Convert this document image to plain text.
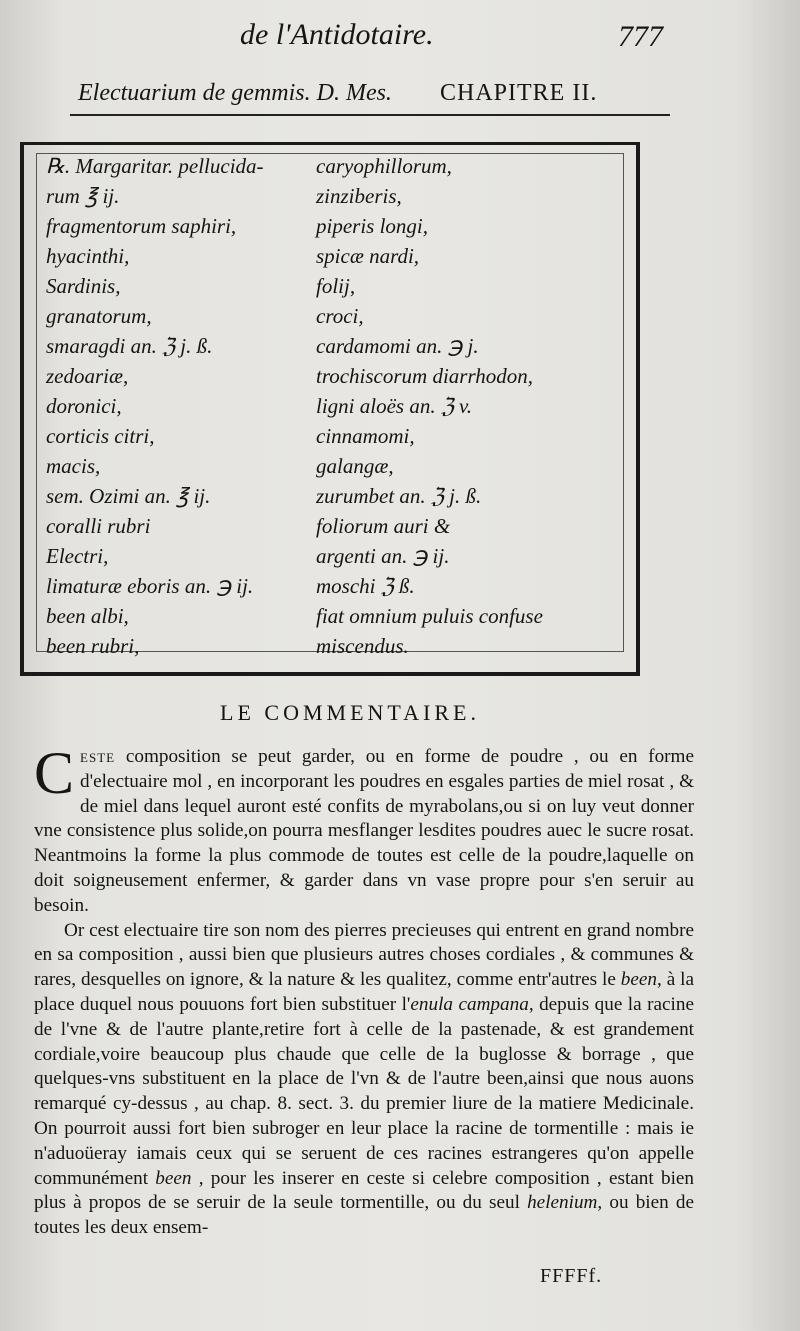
de l'Antidotaire.	777
Electuarium de gemmis. D. Mes. CHAPITRE II.
℞. Margaritar. pellucida-
rum ℥ ij.
fragmentorum saphiri,
hyacinthi,
Sardinis,
granatorum,
smaragdi an. ℨ j. ß.
zedoariæ,
doronici,
corticis citri,
macis,
sem. Ozimi an. ℥ ij.
coralli rubri
Electri,
limaturæ eboris an. ℈ ij.
been albi,
been rubri,
caryophillorum,
zinziberis,
piperis longi,
spicæ nardi,
folij,
croci,
cardamomi an. ℈ j.
trochiscorum diarrhodon,
ligni aloës an. ℨ v.
cinnamomi,
galangæ,
zurumbet an. ℨ j. ß.
foliorum auri &
argenti an. ℈ ij.
moschi ℨ ß.
fiat omnium puluis confuse
miscendus.
LE COMMENTAIRE.

Ceste composition se peut garder, ou en forme de poudre , ou en forme d'electuaire mol , en incorporant les poudres en esgales parties de miel rosat , & de miel dans lequel auront esté confits de myrabolans,ou si on luy veut donner vne consistence plus solide,on pourra mesflanger lesdites poudres auec le sucre rosat. Neantmoins la forme la plus commode de toutes est celle de la poudre,laquelle on doit soigneusement enfermer, & garder dans vn vase propre pour s'en seruir au besoin.

Or cest electuaire tire son nom des pierres precieuses qui entrent en grand nombre en sa composition , aussi bien que plusieurs autres choses cordiales , & communes & rares, desquelles on ignore, & la nature & les qualitez, comme entr'autres le been, à la place duquel nous pouuons fort bien substituer l'enula campana, depuis que la racine de l'vne & de l'autre plante,retire fort à celle de la pastenade, & est grandement cordiale,voire beaucoup plus chaude que celle de la buglosse & borrage , que quelques-vns substituent en la place de l'vn & de l'autre been,ainsi que nous auons remarqué cy-dessus , au chap. 8. sect. 3. du premier liure de la matiere Medicinale. On pourroit aussi fort bien subroger en leur place la racine de tormentille : mais ie n'aduoüeray iamais ceux qui se seruent de ces racines estrangeres qu'on appelle communément been , pour les inserer en ceste si celebre composition , estant bien plus à propos de se seruir de la seule tormentille, ou du seul helenium, ou bien de toutes les deux ensem-

FFFFf.
